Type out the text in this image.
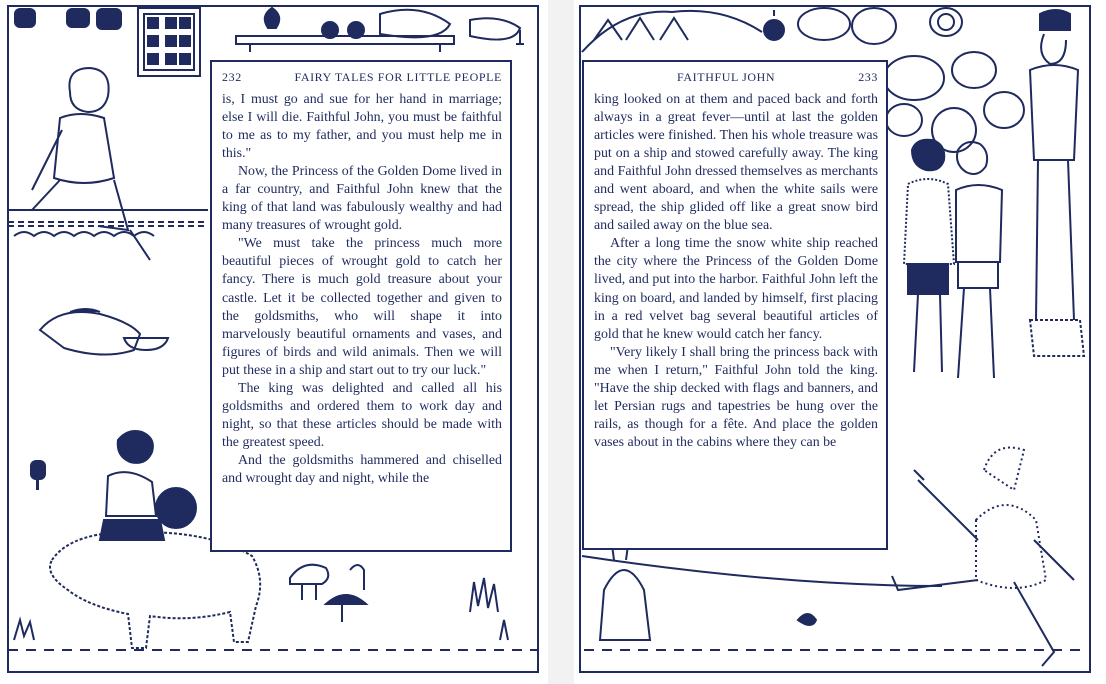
232	FAIRY TALES FOR LITTLE PEOPLE

is, I must go and sue for her hand in marriage; else I will die. Faithful John, you must be faithful to me as to my father, and you must help me in this."

Now, the Princess of the Golden Dome lived in a far country, and Faithful John knew that the king of that land was fabulously wealthy and had many treasures of wrought gold.

"We must take the princess much more beautiful pieces of wrought gold to catch her fancy. There is much gold treasure about your castle. Let it be collected together and given to the goldsmiths, who will shape it into marvelously beautiful ornaments and vases, and figures of birds and wild animals. Then we will put these in a ship and start out to try our luck."

The king was delighted and called all his goldsmiths and ordered them to work day and night, so that these articles should be made with the greatest speed.

And the goldsmiths hammered and chiselled and wrought day and night, while the

FAITHFUL JOHN	233

king looked on at them and paced back and forth always in a great fever—until at last the golden articles were finished. Then his whole treasure was put on a ship and stowed carefully away. The king and Faithful John dressed themselves as merchants and went aboard, and when the white sails were spread, the ship glided off like a great snow bird and sailed away on the blue sea.

After a long time the snow white ship reached the city where the Princess of the Golden Dome lived, and put into the harbor. Faithful John left the king on board, and landed by himself, first placing in a red velvet bag several beautiful articles of gold that he knew would catch her fancy.

"Very likely I shall bring the princess back with me when I return," Faithful John told the king. "Have the ship decked with flags and banners, and let Persian rugs and tapestries be hung over the rails, as though for a fête. And place the golden vases about in the cabins where they can be
